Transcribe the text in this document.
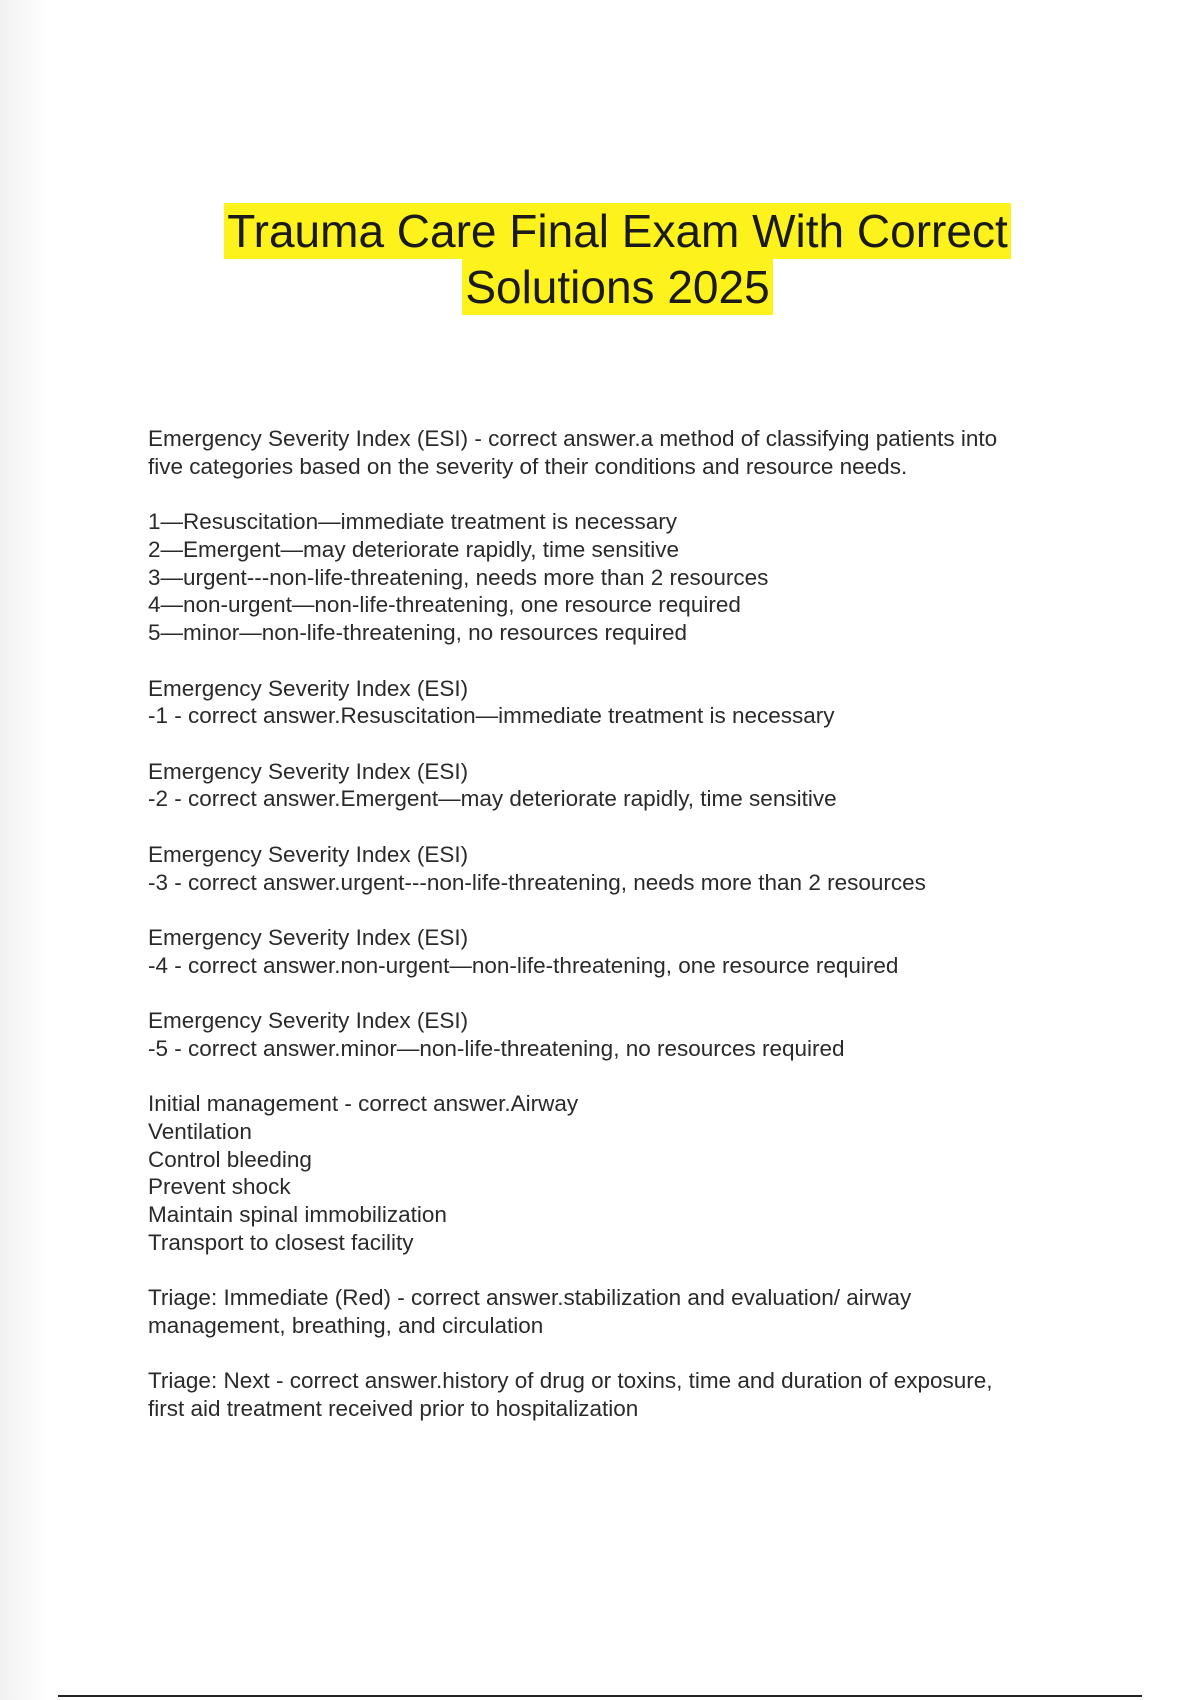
Trauma Care Final Exam With Correct
Solutions 2025
Emergency Severity Index (ESI) - correct answer.a method of classifying patients into
five categories based on the severity of their conditions and resource needs.
1—Resuscitation—immediate treatment is necessary
2—Emergent—may deteriorate rapidly, time sensitive
3—urgent---non-life-threatening, needs more than 2 resources
4—non-urgent—non-life-threatening, one resource required
5—minor—non-life-threatening, no resources required
Emergency Severity Index (ESI)
-1 - correct answer.Resuscitation—immediate treatment is necessary
Emergency Severity Index (ESI)
-2 - correct answer.Emergent—may deteriorate rapidly, time sensitive
Emergency Severity Index (ESI)
-3 - correct answer.urgent---non-life-threatening, needs more than 2 resources
Emergency Severity Index (ESI)
-4 - correct answer.non-urgent—non-life-threatening, one resource required
Emergency Severity Index (ESI)
-5 - correct answer.minor—non-life-threatening, no resources required
Initial management - correct answer.Airway
Ventilation
Control bleeding
Prevent shock
Maintain spinal immobilization
Transport to closest facility
Triage: Immediate (Red) - correct answer.stabilization and evaluation/ airway
management, breathing, and circulation
Triage: Next - correct answer.history of drug or toxins, time and duration of exposure,
first aid treatment received prior to hospitalization
